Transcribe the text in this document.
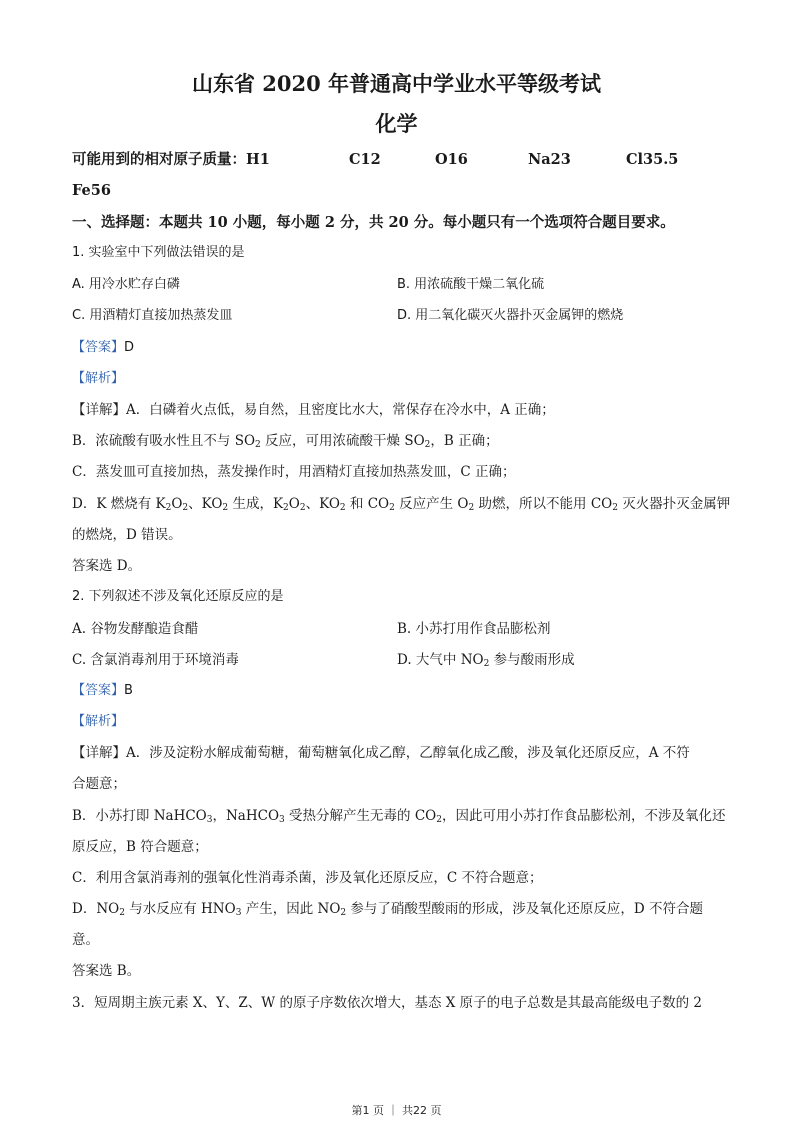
山东省 2020 年普通高中学业水平等级考试
化学
可能用到的相对原子质量：H1	C12	O16	Na23	Cl35.5
Fe56
一、选择题：本题共 10 小题，每小题 2 分，共 20 分。每小题只有一个选项符合题目要求。
1. 实验室中下列做法错误的是
A. 用冷水贮存白磷	B. 用浓硫酸干燥二氧化硫
C. 用酒精灯直接加热蒸发皿	D. 用二氧化碳灭火器扑灭金属钾的燃烧
【答案】D
【解析】
【详解】A．白磷着火点低，易自然，且密度比水大，常保存在冷水中，A 正确；
B．浓硫酸有吸水性且不与 $SO_2$ 反应，可用浓硫酸干燥 $SO_2$，B 正确；
C．蒸发皿可直接加热，蒸发操作时，用酒精灯直接加热蒸发皿，C 正确；
D．K 燃烧有 $K_2O_2$、$KO_2$ 生成，$K_2O_2$、$KO_2$ 和 $CO_2$ 反应产生 $O_2$ 助燃，所以不能用 $CO_2$ 灭火器扑灭金属钾
的燃烧，D 错误。
答案选 D。
2. 下列叙述不涉及氧化还原反应的是
A. 谷物发酵酿造食醋	B. 小苏打用作食品膨松剂
C. 含氯消毒剂用于环境消毒	D. 大气中 $NO_2$ 参与酸雨形成
【答案】B
【解析】
【详解】A．涉及淀粉水解成葡萄糖，葡萄糖氧化成乙醇，乙醇氧化成乙酸，涉及氧化还原反应，A 不符
合题意；
B．小苏打即 NaHCO$_3$，NaHCO$_3$ 受热分解产生无毒的 $CO_2$，因此可用小苏打作食品膨松剂，不涉及氧化还
原反应，B 符合题意；
C．利用含氯消毒剂的强氧化性消毒杀菌，涉及氧化还原反应，C 不符合题意；
D．$NO_2$ 与水反应有 $HNO_3$ 产生，因此 $NO_2$ 参与了硝酸型酸雨的形成，涉及氧化还原反应，D 不符合题
意。
答案选 B。
3．短周期主族元素 X、Y、Z、W 的原子序数依次增大，基态 X 原子的电子总数是其最高能级电子数的 2
第1 页 ｜ 共22 页
